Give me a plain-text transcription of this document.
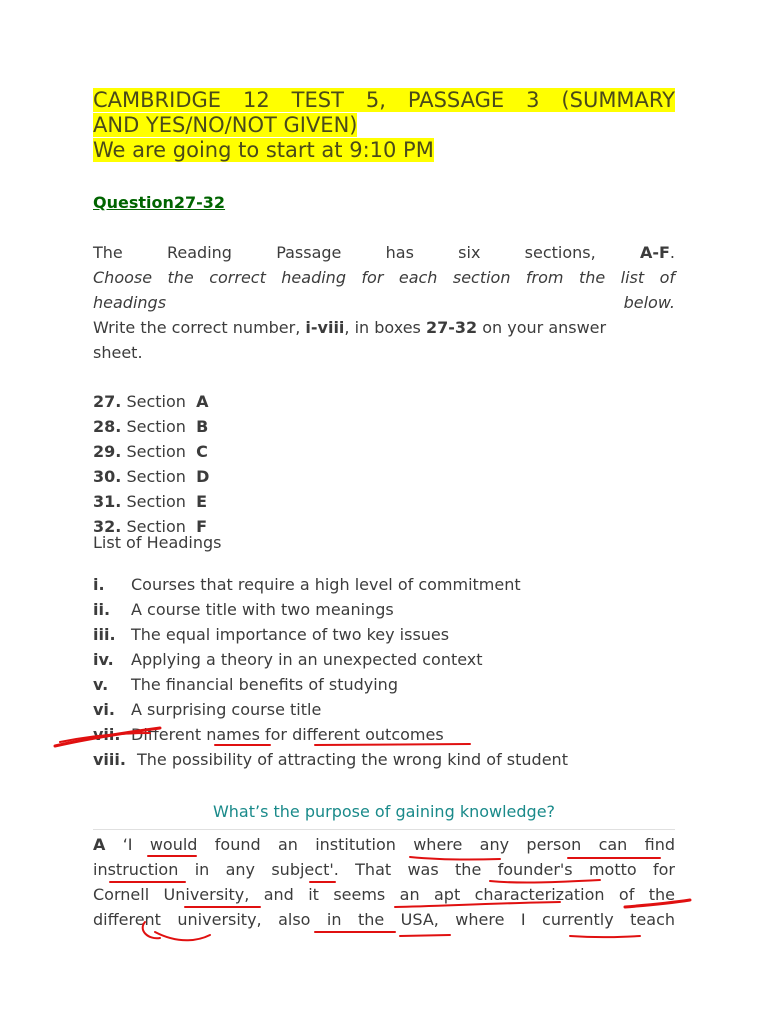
CAMBRIDGE 12 TEST 5, PASSAGE 3 (SUMMARY
AND YES/NO/NOT GIVEN)
We are going to start at 9:10 PM
Question27-32
The Reading Passage has six sections,	A-F.
Choose the correct heading for each section from the list of
headings below.
Write the correct number, i-viii, in boxes 27-32 on your answer
sheet.
27. Section A
28. Section B
29. Section C
30. Section D
31. Section E
32. Section F
List of Headings
i.	Courses that require a high level of commitment
ii.	A course title with two meanings
iii. The equal importance of two key issues
iv.	Applying a theory in an unexpected context
v.	The financial benefits of studying
vi.	A surprising course title
vii. Different names for different outcomes
viii. The possibility of attracting the wrong kind of student
What’s the purpose of gaining knowledge?
A ‘I would found an institution where any person can find
instruction in any subject'. That was the founder's motto for
Cornell University, and it seems an apt characterization of the
different university, also in the USA, where I currently teach
